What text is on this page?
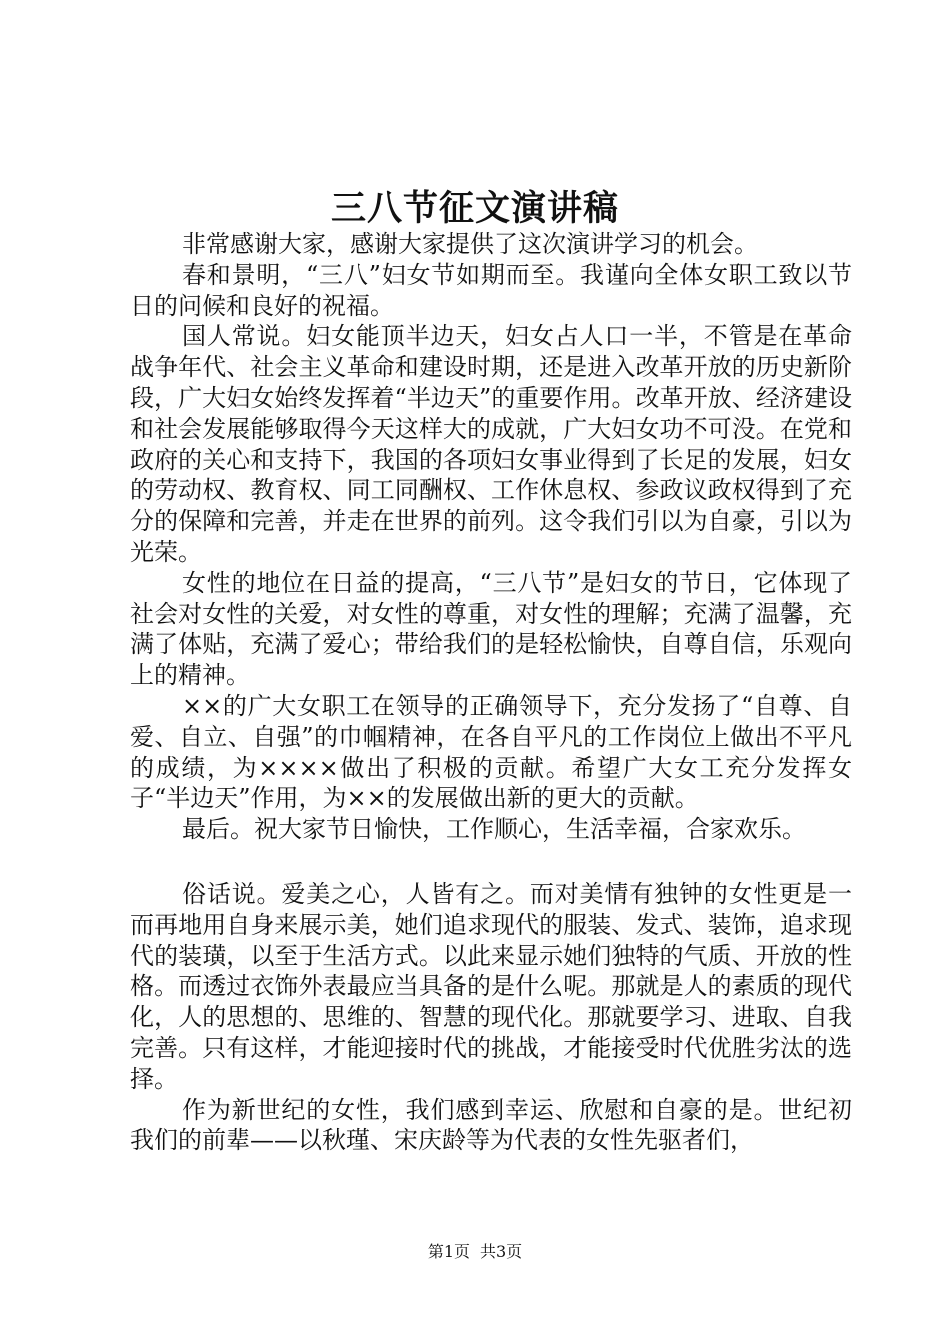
三八节征文演讲稿

非常感谢大家，感谢大家提供了这次演讲学习的机会。

春和景明，“三八”妇女节如期而至。我谨向全体女职工致以节日的问候和良好的祝福。

国人常说。妇女能顶半边天，妇女占人口一半，不管是在革命战争年代、社会主义革命和建设时期，还是进入改革开放的历史新阶段，广大妇女始终发挥着“半边天”的重要作用。改革开放、经济建设和社会发展能够取得今天这样大的成就，广大妇女功不可没。在党和政府的关心和支持下，我国的各项妇女事业得到了长足的发展，妇女的劳动权、教育权、同工同酬权、工作休息权、参政议政权得到了充分的保障和完善，并走在世界的前列。这令我们引以为自豪，引以为光荣。

女性的地位在日益的提高，“三八节”是妇女的节日，它体现了社会对女性的关爱，对女性的尊重，对女性的理解；充满了温馨，充满了体贴，充满了爱心；带给我们的是轻松愉快，自尊自信，乐观向上的精神。

××的广大女职工在领导的正确领导下，充分发扬了“自尊、自爱、自立、自强”的巾帼精神，在各自平凡的工作岗位上做出不平凡的成绩，为××××做出了积极的贡献。希望广大女工充分发挥女子“半边天”作用，为××的发展做出新的更大的贡献。

最后。祝大家节日愉快，工作顺心，生活幸福，合家欢乐。

俗话说。爱美之心，人皆有之。而对美情有独钟的女性更是一而再地用自身来展示美，她们追求现代的服装、发式、装饰，追求现代的装璜，以至于生活方式。以此来显示她们独特的气质、开放的性格。而透过衣饰外表最应当具备的是什么呢。那就是人的素质的现代化，人的思想的、思维的、智慧的现代化。那就要学习、进取、自我完善。只有这样，才能迎接时代的挑战，才能接受时代优胜劣汰的选择。

作为新世纪的女性，我们感到幸运、欣慰和自豪的是。世纪初我们的前辈——以秋瑾、宋庆龄等为代表的女性先驱者们，

第1页 共3页
